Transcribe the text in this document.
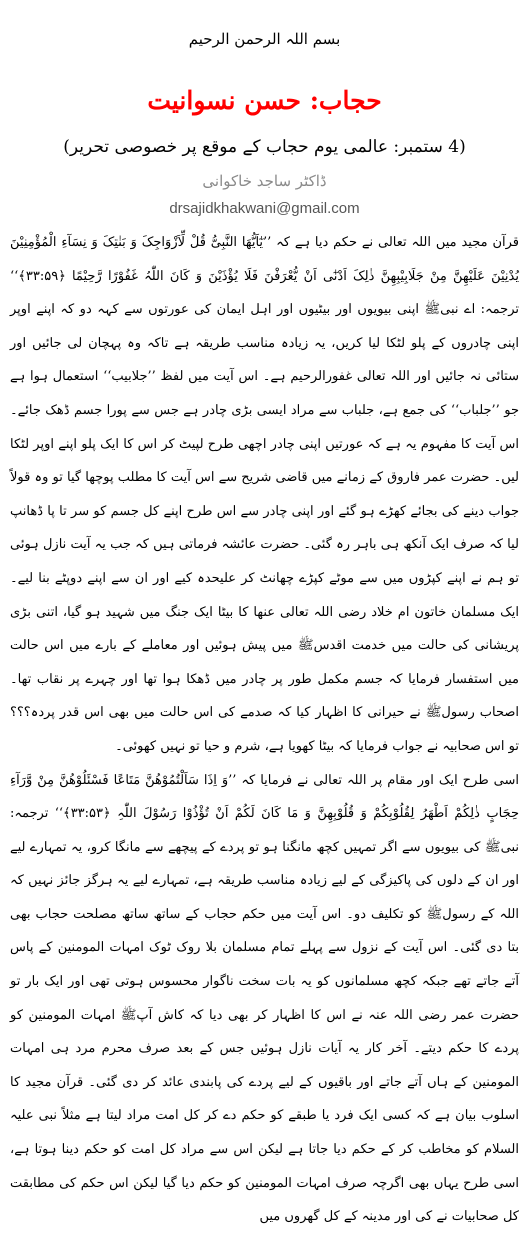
بسم اللہ الرحمن الرحیم
حجاب: حسن نسوانیت
(4 ستمبر: عالمی یوم حجاب کے موقع پر خصوصی تحریر)
ڈاکٹر ساجد خاکوانی
drsajidkhakwani@gmail.com

قرآن مجید میں اللہ تعالی نے حکم دیا ہے کہ ’’یٰٓاَیُّھَا النَّبِیُّ قُلْ لِّاَزْوَاجِکَ وَ بَنٰتِکَ وَ نِسَآءِ الْمُؤْمِنِیْنَ یُدْنِیْنَ عَلَیْھِنَّ مِنْ جَلَابِیْبِھِنَّ ذٰلِکَ اَدْنٰٓی اَنْ یُّعْرَفْنَ فَلَا یُؤْذَیْنَ وَ کَانَ اللّٰہُ غَفُوْرًا رَّحِیْمًا ﴿۳۳:۵۹﴾‘‘ ترجمہ: اے نبیﷺ اپنی بیویوں اور بیٹیوں اور اہل ایمان کی عورتوں سے کہہ دو کہ اپنے اوپر اپنی چادروں کے پلو لٹکا لیا کریں، یہ زیادہ مناسب طریقہ ہے تاکہ وہ پہچان لی جائیں اور ستائی نہ جائیں اور اللہ تعالی غفورالرحیم ہے۔ اس آیت میں لفظ ’’جلابیب‘‘ استعمال ہوا ہے جو ’’جلباب‘‘ کی جمع ہے، جلباب سے مراد ایسی بڑی چادر ہے جس سے پورا جسم ڈھک جائے۔ اس آیت کا مفہوم یہ ہے کہ عورتیں اپنی چادر اچھی طرح لپیٹ کر اس کا ایک پلو اپنے اوپر لٹکا لیں۔ حضرت عمر فاروق کے زمانے میں قاضی شریح سے اس آیت کا مطلب پوچھا گیا تو وہ قولاً جواب دینے کی بجائے کھڑے ہو گئے اور اپنی چادر سے اس طرح اپنے کل جسم کو سر تا پا ڈھانپ لیا کہ صرف ایک آنکھ ہی باہر رہ گئی۔ حضرت عائشہ فرماتی ہیں کہ جب یہ آیت نازل ہوئی تو ہم نے اپنے کپڑوں میں سے موٹے کپڑے چھانٹ کر علیحدہ کیے اور ان سے اپنے دوپٹے بنا لیے۔ ایک مسلمان خاتون ام خلاد رضی اللہ تعالی عنھا کا بیٹا ایک جنگ میں شہید ہو گیا، اتنی بڑی پریشانی کی حالت میں خدمت اقدسﷺ میں پیش ہوئیں اور معاملے کے بارے میں اس حالت میں استفسار فرمایا کہ جسم مکمل طور پر چادر میں ڈھکا ہوا تھا اور چہرے پر نقاب تھا۔ اصحاب رسولﷺ نے حیرانی کا اظہار کیا کہ صدمے کی اس حالت میں بھی اس قدر پردہ؟؟؟ تو اس صحابیہ نے جواب فرمایا کہ بیٹا کھویا ہے، شرم و حیا تو نہیں کھوئی۔

اسی طرح ایک اور مقام پر اللہ تعالی نے فرمایا کہ ’’وَ اِذَا سَاَلْتُمُوْھُنَّ مَتَاعًا فَسْئَلُوْھُنَّ مِنْ وَّرَآءِ حِجَابٍ ذٰلِکُمْ اَطْھَرُ لِقُلُوْبِکُمْ وَ قُلُوْبِھِنَّ وَ مَا کَانَ لَکُمْ اَنْ تُؤْذُوْا رَسُوْلَ اللّٰہِ ﴿۳۳:۵۳﴾‘‘ ترجمہ: نبیﷺ کی بیویوں سے اگر تمہیں کچھ مانگنا ہو تو پردے کے پیچھے سے مانگا کرو، یہ تمہارے لیے اور ان کے دلوں کی پاکیزگی کے لیے زیادہ مناسب طریقہ ہے، تمہارے لیے یہ ہرگز جائز نہیں کہ اللہ کے رسولﷺ کو تکلیف دو۔ اس آیت میں حکم حجاب کے ساتھ ساتھ مصلحت حجاب بھی بتا دی گئی۔ اس آیت کے نزول سے پہلے تمام مسلمان بلا روک ٹوک امہات المومنین کے پاس آتے جاتے تھے جبکہ کچھ مسلمانوں کو یہ بات سخت ناگوار محسوس ہوتی تھی اور ایک بار تو حضرت عمر رضی اللہ عنہ نے اس کا اظہار کر بھی دیا کہ کاش آپﷺ امہات المومنین کو پردے کا حکم دیتے۔ آخر کار یہ آیات نازل ہوئیں جس کے بعد صرف محرم مرد ہی امہات المومنین کے ہاں آتے جاتے اور باقیوں کے لیے پردے کی پابندی عائد کر دی گئی۔ قرآن مجید کا اسلوب بیان ہے کہ کسی ایک فرد یا طبقے کو حکم دے کر کل امت مراد لیتا ہے مثلاً نبی علیہ السلام کو مخاطب کر کے حکم دیا جاتا ہے لیکن اس سے مراد کل امت کو حکم دینا ہوتا ہے، اسی طرح یہاں بھی اگرچہ صرف امہات المومنین کو حکم دیا گیا لیکن اس حکم کی مطابقت کل صحابیات نے کی اور مدینہ کے کل گھروں میں
